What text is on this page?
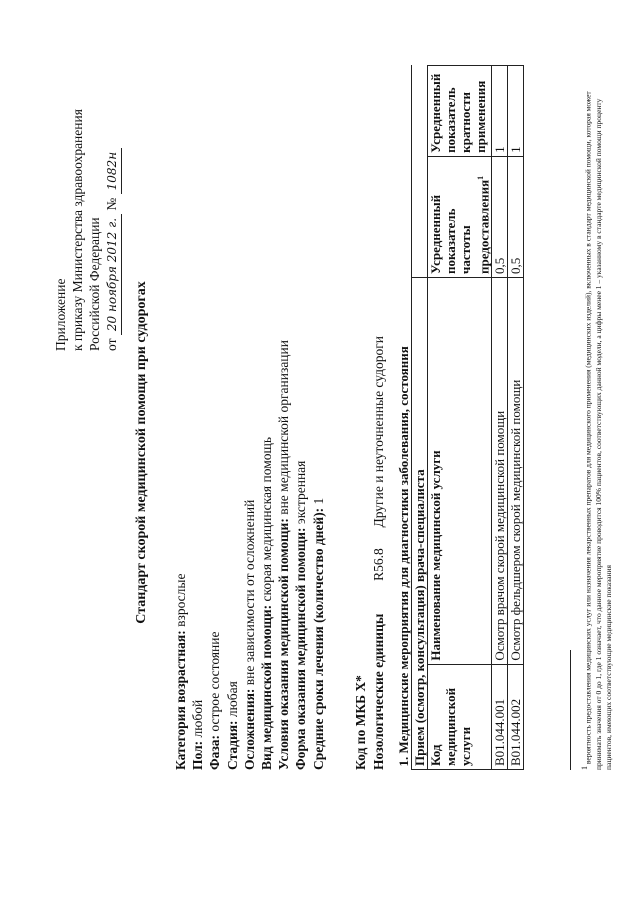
Приложение к приказу Министерства здравоохранения Российской Федерации от 20 ноября 2012 г. № 1082н
Стандарт скорой медицинской помощи при судорогах
Категория возрастная: взрослые
Пол: любой
Фаза: острое состояние
Стадия: любая Осложнения: вне зависимости от осложнений Вид медицинской помощи: скорая медицинская помощь Условия оказания медицинской помощи: вне медицинской организации
Форма оказания медицинской помощи: экстренная
Средние сроки лечения (количество дней): 1
Код по МКБ X* Нозологические единицы  R56.8  Другие и неуточненные судороги 1. Медицинские мероприятия для диагностики заболевания, состояния			
Прием (осмотр, консультация) врача-специалиста			
Код медицинской услуги	Наименование медицинской услуги	Усредненный показатель частоты предоставления$^1$	Усредненный показатель кратности применения
B01.044.001	Осмотр врачом скорой медицинской помощи	0,5	1
B01.044.002	Осмотр фельдшером скорой медицинской помощи	0,5	1
$^1$ вероятность предоставления медицинских услуг или назначения лекарственных препаратов для медицинского применения (медицинских изделий), включенных в стандарт медицинской помощи, которая может принимать значения от 0 до 1, где 1 означает, что данное мероприятие проводится 100% пациентов, соответствующих данной модели, а цифры менее 1 – указанному в стандарте медицинской помощи проценту пациентов, имеющих соответствующие медицинские показания
